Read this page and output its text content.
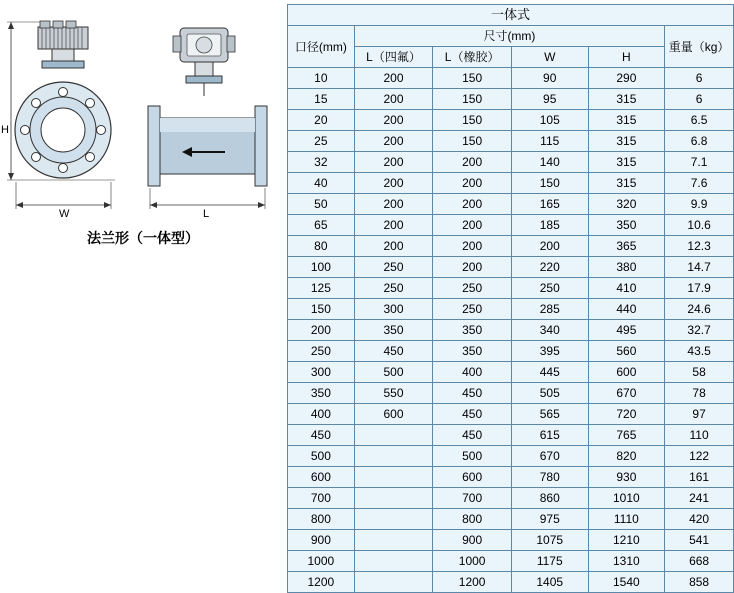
H
W	L
法兰形（一体型）
一体式					
口径(mm)	尺寸(mm)				重量（kg）
	L（四氟）	L（橡胶）	W	H	
10	200	150	90	290	6
15	200	150	95	315	6
20	200	150	105	315	6.5
25	200	150	115	315	6.8
32	200	200	140	315	7.1
40	200	200	150	315	7.6
50	200	200	165	320	9.9
65	200	200	185	350	10.6
80	200	200	200	365	12.3
100	250	200	220	380	14.7
125	250	250	250	410	17.9
150	300	250	285	440	24.6
200	350	350	340	495	32.7
250	450	350	395	560	43.5
300	500	400	445	600	58
350	550	450	505	670	78
400	600	450	565	720	97
450		450	615	765	110
500		500	670	820	122
600		600	780	930	161
700		700	860	1010	241
800		800	975	1110	420
900		900	1075	1210	541
1000		1000	1175	1310	668
1200		1200	1405	1540	858
